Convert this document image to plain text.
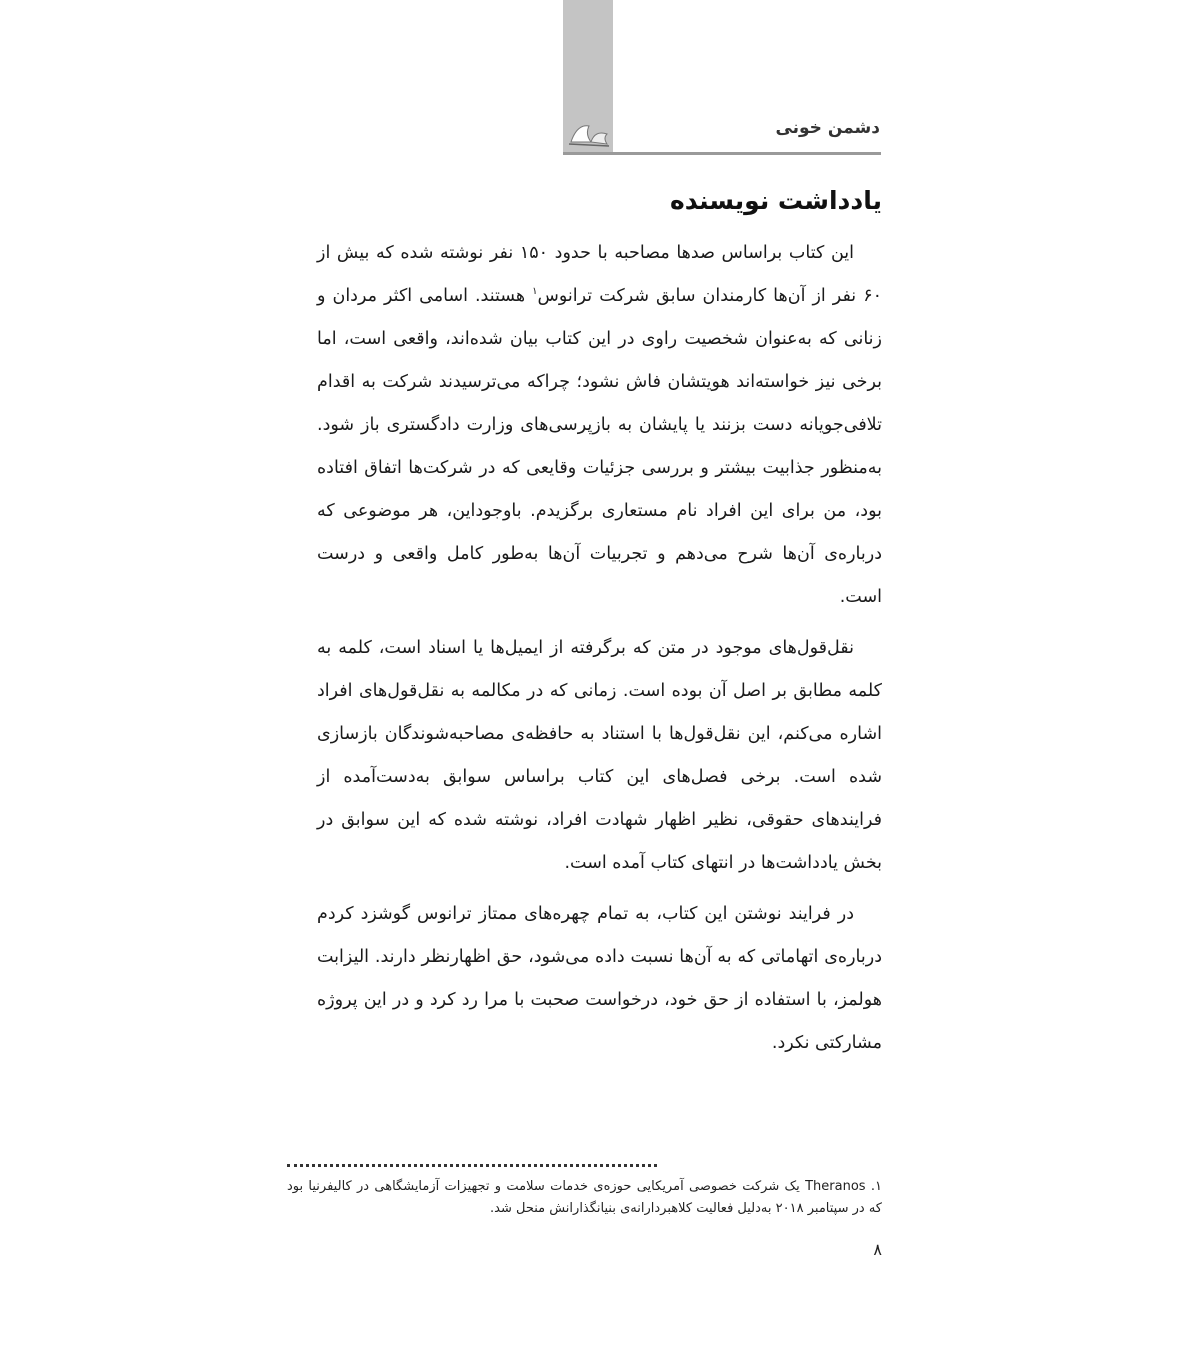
دشمن خونی
یادداشت نویسنده

این کتاب براساس صدها مصاحبه با حدود ۱۵۰ نفر نوشته شده که بیش از ۶۰ نفر از آن‌ها کارمندان سابق شرکت ترانوس$^۱$ هستند. اسامی اکثر مردان و زنانی که به‌عنوان شخصیت راوی در این کتاب بیان شده‌اند، واقعی است، اما برخی نیز خواسته‌اند هویتشان فاش نشود؛ چراکه می‌ترسیدند شرکت به اقدام تلافی‌جویانه دست بزنند یا پایشان به بازپرسی‌های وزارت دادگستری باز شود. به‌منظور جذابیت بیشتر و بررسی جزئیات وقایعی که در شرکت‌ها اتفاق افتاده بود، من برای این افراد نام مستعاری برگزیدم. باوجوداین، هر موضوعی که درباره‌ی آن‌ها شرح می‌دهم و تجربیات آن‌ها به‌طور کامل واقعی و درست است.

نقل‌قول‌های موجود در متن که برگرفته از ایمیل‌ها یا اسناد است، کلمه به کلمه مطابق بر اصل آن بوده است. زمانی که در مکالمه به نقل‌قول‌های افراد اشاره می‌کنم، این نقل‌قول‌ها با استناد به حافظه‌ی مصاحبه‌شوندگان بازسازی شده است. برخی فصل‌های این کتاب براساس سوابق به‌دست‌آمده از فرایندهای حقوقی، نظیر اظهار شهادت افراد، نوشته شده که این سوابق در بخش یادداشت‌ها در انتهای کتاب آمده است.

در فرایند نوشتن این کتاب، به تمام چهره‌های ممتاز ترانوس گوشزد کردم درباره‌ی اتهاماتی که به آن‌ها نسبت داده می‌شود، حق اظهارنظر دارند. الیزابت هولمز، با استفاده از حق خود، درخواست صحبت با مرا رد کرد و در این پروژه مشارکتی نکرد.

۱. Theranos یک شرکت خصوصی آمریکایی حوزه‌ی خدمات سلامت و تجهیزات آزمایشگاهی در کالیفرنیا بود که در سپتامبر ۲۰۱۸ به‌دلیل فعالیت کلاهبردارانه‌ی بنیانگذارانش منحل شد.
۸
